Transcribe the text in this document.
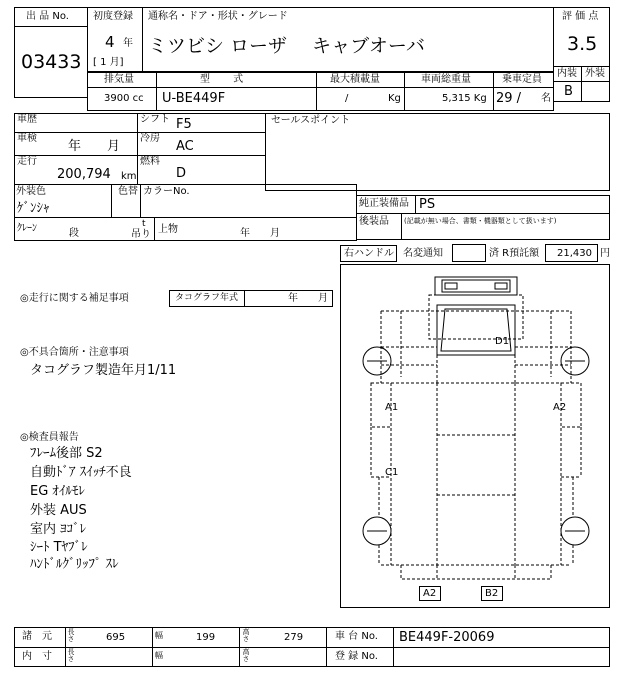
出 品 No.
03433
初度登録
4 年
[ 1 月]
通称名・ドア・形状・グレード
ミツビシ ローザ　 キャブオーバ
評 価 点
3.5
内装 外装
B
排気量	型　　 式	最大積載量	車両総重量	乗車定員
3900 cc U-BE449F	/	Kg	5,315 Kg 29 / 名
車歴	シフト F5
車検
年　　月
冷房
AC
走行
200,794 km
燃料
D
セールスポイント
外装色
ｹﾞﾝｼｬ
色替 カラーNo.
純正装備品 PS
後装品 (記載が無い場合、書類・機器類として扱います)
ｸﾚｰﾝ	段
t
吊り 上物	年　　月
右ハンドル 名変通知	済 R預託額 21,430 円
◎走行に関する補足事項	タコグラフ年式	年　　月
◎不具合箇所・注意事項
タコグラフ製造年月1/11
◎検査員報告
ﾌﾚｰﾑ後部 S2
自動ﾄﾞｱ ｽｲｯﾁ不良
EG ｵｲﾙﾓﾚ
外装 AUS
室内 ﾖｺﾞﾚ
ｼｰﾄ Tﾔﾌﾞﾚ
ﾊﾝﾄﾞﾙｸﾞﾘｯﾌﾟ ｽﾚ
D1
A1	A2
C1
A2	B2
諸　元 長さ	695	幅	199	高さ	279	車 台 No. BE449F-20069
内　寸 長さ	幅	高さ	登 録 No.
